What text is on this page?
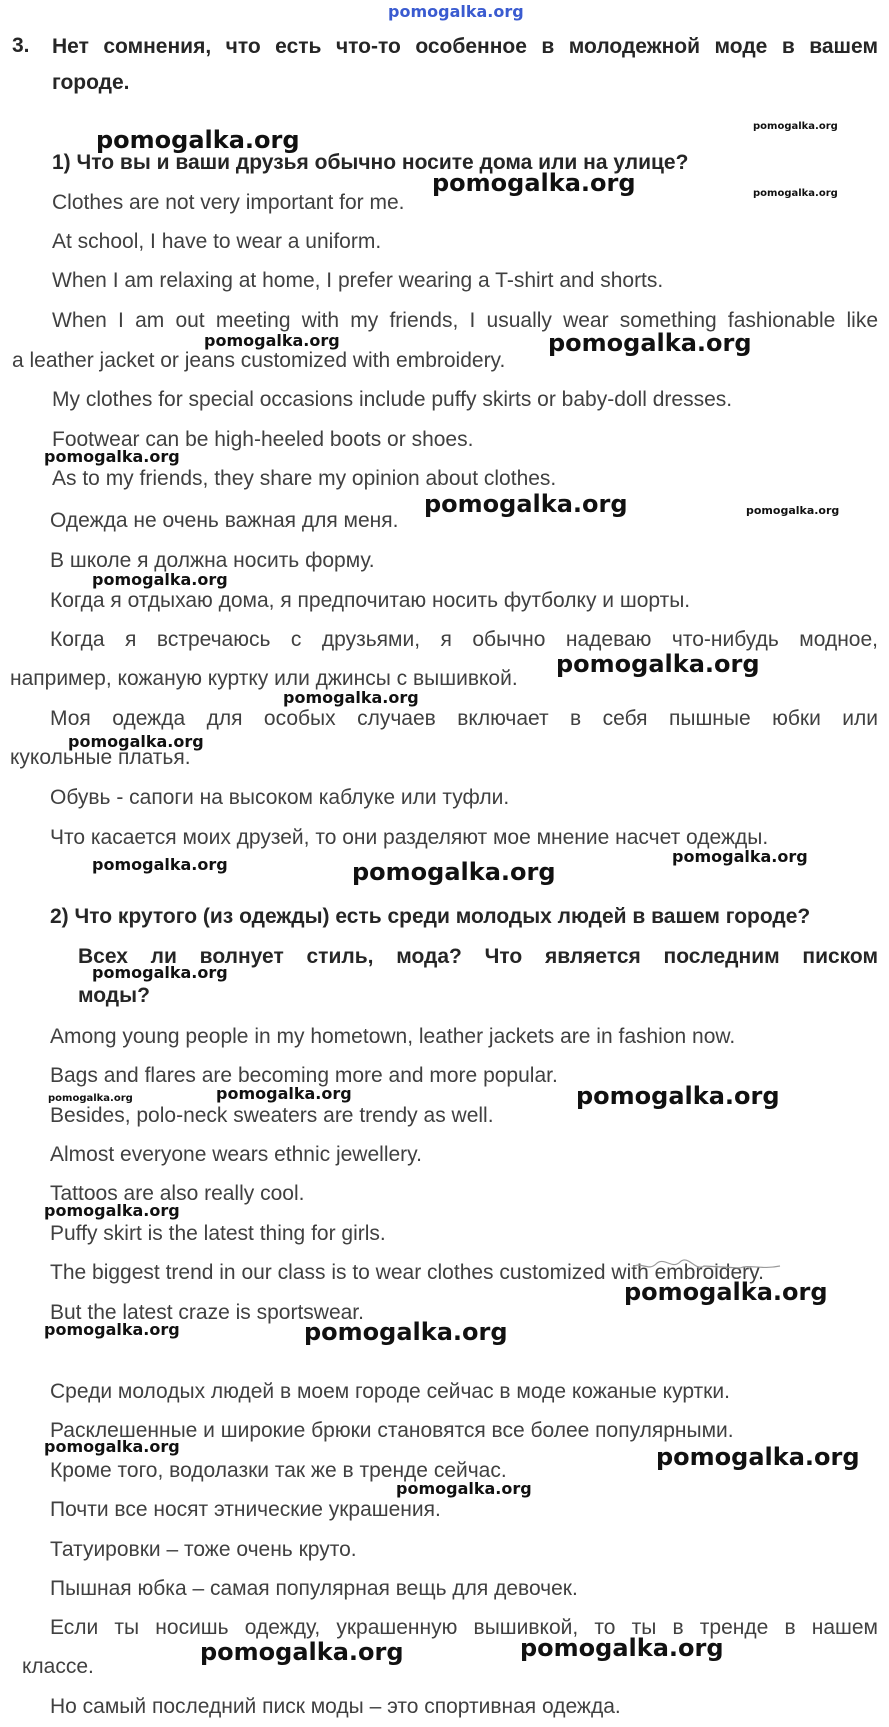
pomogalka.org
3. Нет сомнения, что есть что-то особенное в молодежной моде в вашем
городе.
1) Что вы и ваши друзья обычно носите дома или на улице?
Clothes are not very important for me.
At school, I have to wear a uniform.
When I am relaxing at home, I prefer wearing a T-shirt and shorts.
When I am out meeting with my friends, I usually wear something fashionable like
a leather jacket or jeans customized with embroidery.
My clothes for special occasions include puffy skirts or baby-doll dresses.
Footwear can be high-heeled boots or shoes.
As to my friends, they share my opinion about clothes.
Одежда не очень важная для меня.
В школе я должна носить форму.
Когда я отдыхаю дома, я предпочитаю носить футболку и шорты.
Когда я встречаюсь с друзьями, я обычно надеваю что-нибудь модное,
например, кожаную куртку или джинсы с вышивкой.
Моя одежда для особых случаев включает в себя пышные юбки или
кукольные платья.
Обувь - сапоги на высоком каблуке или туфли.
Что касается моих друзей, то они разделяют мое мнение насчет одежды.
2) Что крутого (из одежды) есть среди молодых людей в вашем городе?
Всех ли волнует стиль, мода? Что является последним писком
моды?
Among young people in my hometown, leather jackets are in fashion now.
Bags and flares are becoming more and more popular.
Besides, polo-neck sweaters are trendy as well.
Almost everyone wears ethnic jewellery.
Tattoos are also really cool.
Puffy skirt is the latest thing for girls.
The biggest trend in our class is to wear clothes customized with embroidery.
But the latest craze is sportswear.
Среди молодых людей в моем городе сейчас в моде кожаные куртки.
Расклешенные и широкие брюки становятся все более популярными.
Кроме того, водолазки так же в тренде сейчас.
Почти все носят этнические украшения.
Татуировки – тоже очень круто.
Пышная юбка – самая популярная вещь для девочек.
Если ты носишь одежду, украшенную вышивкой, то ты в тренде в нашем
классе.
Но самый последний писк моды – это спортивная одежда.
pomogalka.org	pomogalka.org
pomogalka.org	pomogalka.org
pomogalka.org	pomogalka.org
pomogalka.org
pomogalka.org	pomogalka.org
pomogalka.org
pomogalka.org
pomogalka.org
pomogalka.org
pomogalka.org
pomogalka.org	pomogalka.org
pomogalka.org
pomogalka.org	pomogalka.org	pomogalka.org
pomogalka.org
pomogalka.org
pomogalka.org	pomogalka.org
pomogalka.org	pomogalka.org
pomogalka.org
pomogalka.org	pomogalka.org
